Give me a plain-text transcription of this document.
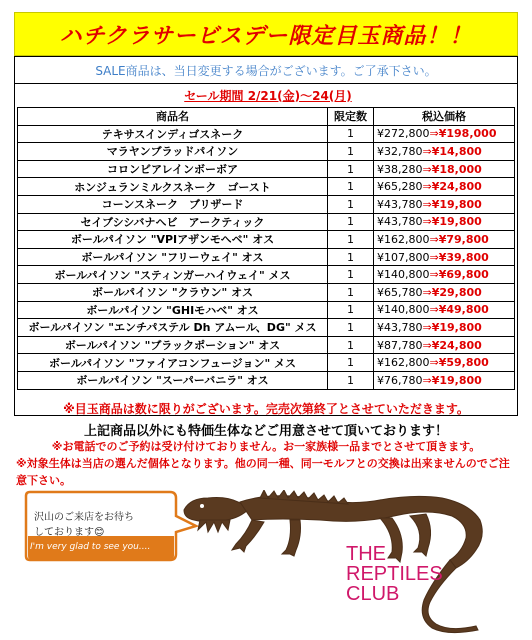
ハチクラサービスデー限定目玉商品！！
SALE商品は、当日変更する場合がございます。ご了承下さい。
セール期間 2/21(金)～24(月)
商品名	限定数	税込価格
テキサスインディゴスネーク	1	¥272,800⇒¥198,000
マラヤンブラッドパイソン	1	¥32,780⇒¥14,800
コロンビアレインボーボア	1	¥38,280⇒¥18,000
ホンジュランミルクスネーク　ゴースト	1	¥65,280⇒¥24,800
コーンスネーク　ブリザード	1	¥43,780⇒¥19,800
セイブシシバナヘビ　アークティック	1	¥43,780⇒¥19,800
ボールパイソン "VPIアザンモヘベ" オス	1	¥162,800⇒¥79,800
ボールパイソン "フリーウェイ" オス	1	¥107,800⇒¥39,800
ボールパイソン "スティンガーハイウェイ" メス	1	¥140,800⇒¥69,800
ボールパイソン "クラウン" オス	1	¥65,780⇒¥29,800
ボールパイソン "GHIモハベ" オス	1	¥140,800⇒¥49,800
ボールパイソン "エンチパステル Dh アムール、DG" メス	1	¥43,780⇒¥19,800
ボールパイソン "ブラックポーション" オス	1	¥87,780⇒¥24,800
ボールパイソン "ファイアコンフュージョン" メス	1	¥162,800⇒¥59,800
ボールパイソン "スーパーバニラ" オス	1	¥76,780⇒¥19,800
※目玉商品は数に限りがございます。完売次第終了とさせていただきます。
上記商品以外にも特価生体などご用意させて頂いております！
※お電話でのご予約は受け付けておりません。お一家族様一品までとさせて頂きます。
※対象生体は当店の選んだ個体となります。他の同一種、同一モルフとの交換は出来ませんのでご注意下さい。
沢山のご来店をお待ち
しております😊
I'm very glad to see you....	THE
REPTILES
CLUB
